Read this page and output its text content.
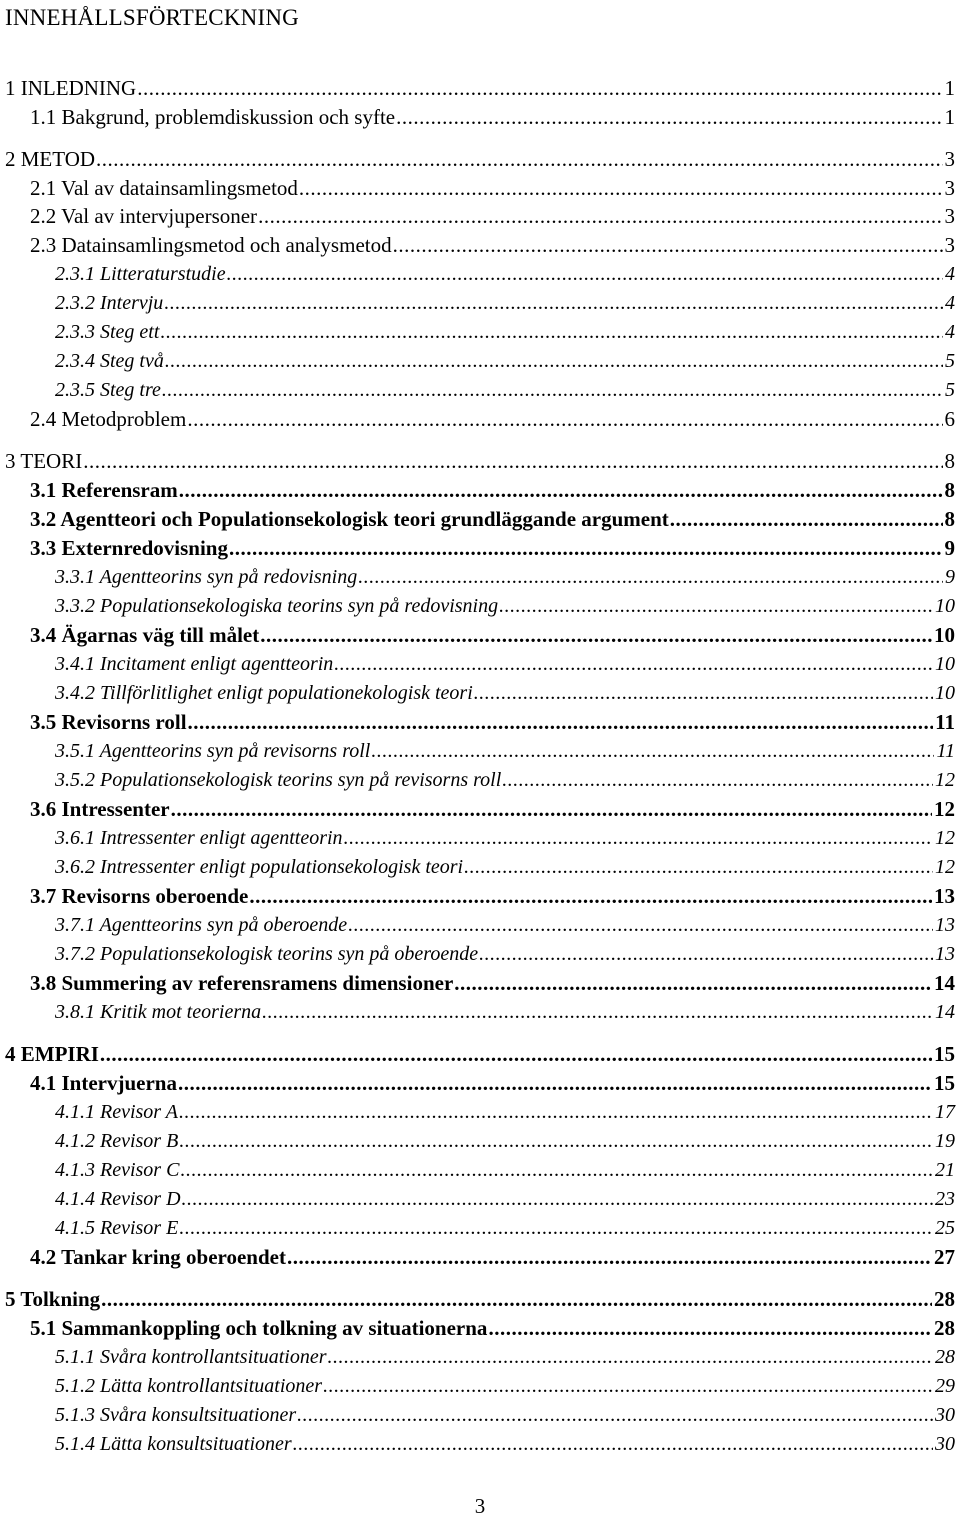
INNEHÅLLSFÖRTECKNING
1 INLEDNING .....	1
1.1 Bakgrund, problemdiskussion och syfte .....	1
2 METOD .....	3
2.1 Val av datainsamlingsmetod .....	3
2.2 Val av intervjupersoner .....	3
2.3 Datainsamlingsmetod och analysmetod .....	3
2.3.1 Litteraturstudie .....	4
2.3.2 Intervju .....	4
2.3.3 Steg ett .....	4
2.3.4 Steg två .....	5
2.3.5 Steg tre .....	5
2.4 Metodproblem .....	6
3 TEORI .....	8
3.1 Referensram .....	8
3.2 Agentteori och Populationsekologisk teori grundläggande argument .....	8
3.3 Externredovisning .....	9
3.3.1 Agentteorins syn på redovisning .....	9
3.3.2 Populationsekologiska teorins syn på redovisning .....	10
3.4 Ägarnas väg till målet .....	10
3.4.1 Incitament enligt agentteorin .....	10
3.4.2 Tillförlitlighet enligt populationekologisk teori .....	10
3.5 Revisorns roll .....	11
3.5.1 Agentteorins syn på revisorns roll .....	11
3.5.2 Populationsekologisk teorins syn på revisorns roll .....	12
3.6 Intressenter .....	12
3.6.1 Intressenter enligt agentteorin .....	12
3.6.2 Intressenter enligt populationsekologisk teori .....	12
3.7 Revisorns oberoende .....	13
3.7.1 Agentteorins syn på oberoende .....	13
3.7.2 Populationsekologisk teorins syn på oberoende .....	13
3.8 Summering av referensramens dimensioner .....	14
3.8.1 Kritik mot teorierna .....	14
4 EMPIRI .....	15
4.1 Intervjuerna .....	15
4.1.1 Revisor A .....	17
4.1.2 Revisor B .....	19
4.1.3 Revisor C .....	21
4.1.4 Revisor D .....	23
4.1.5 Revisor E .....	25
4.2 Tankar kring oberoendet .....	27
5 Tolkning .....	28
5.1 Sammankoppling och tolkning av situationerna .....	28
5.1.1 Svåra kontrollantsituationer .....	28
5.1.2 Lätta kontrollantsituationer .....	29
5.1.3 Svåra konsultsituationer .....	30
5.1.4 Lätta konsultsituationer .....	30
3
